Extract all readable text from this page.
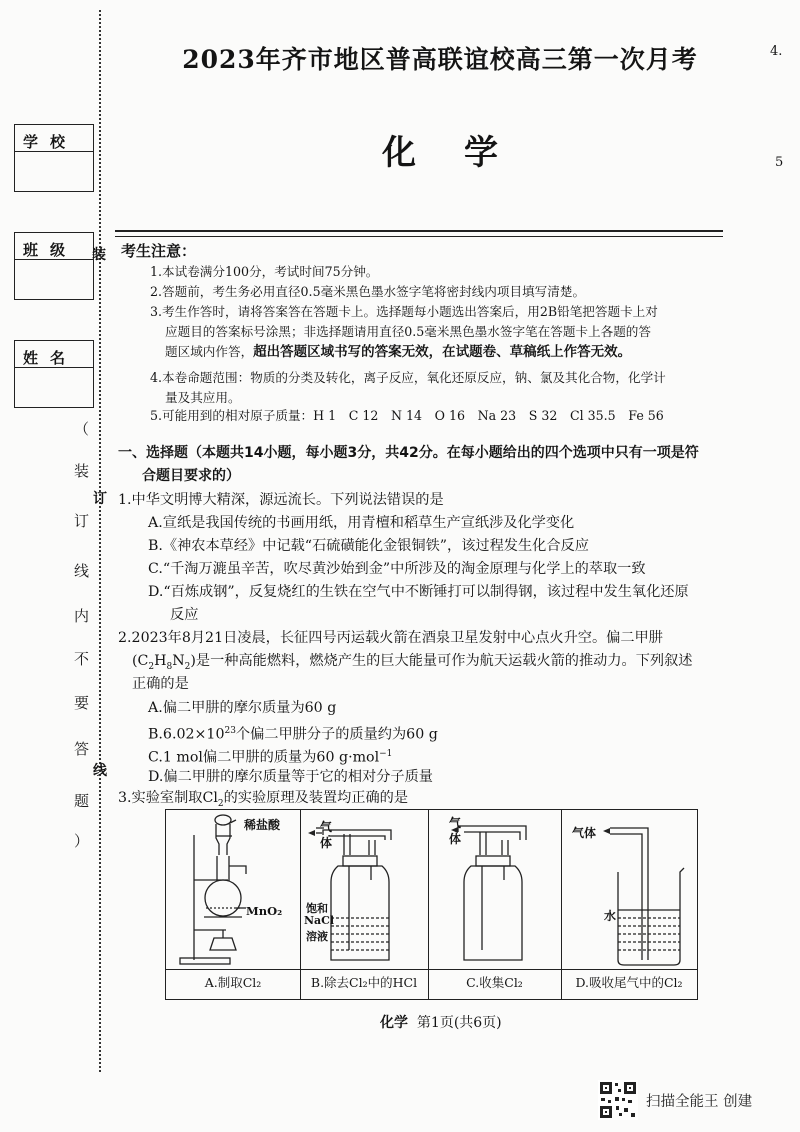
学校
班级
姓名
（
装
订
线
内
不
要
答
题
）
装
订
线
4.
5
2023年齐市地区普高联谊校高三第一次月考
化学
考生注意：
1.本试卷满分100分，考试时间75分钟。
2.答题前，考生务必用直径0.5毫米黑色墨水签字笔将密封线内项目填写清楚。
3.考生作答时，请将答案答在答题卡上。选择题每小题选出答案后，用2B铅笔把答题卡上对
应题目的答案标号涂黑；非选择题请用直径0.5毫米黑色墨水签字笔在答题卡上各题的答
题区域内作答，超出答题区域书写的答案无效，在试题卷、草稿纸上作答无效。
4.本卷命题范围：物质的分类及转化，离子反应，氧化还原反应，钠、氯及其化合物，化学计
量及其应用。
5.可能用到的相对原子质量：H 1　C 12　N 14　O 16　Na 23　S 32　Cl 35.5　Fe 56
一、选择题（本题共14小题，每小题3分，共42分。在每小题给出的四个选项中只有一项是符
合题目要求的）
1.中华文明博大精深，源远流长。下列说法错误的是
A.宣纸是我国传统的书画用纸，用青檀和稻草生产宣纸涉及化学变化
B.《神农本草经》中记载“石硫磺能化金银铜铁”，该过程发生化合反应
C.“千淘万漉虽辛苦，吹尽黄沙始到金”中所涉及的淘金原理与化学上的萃取一致
D.“百炼成钢”，反复烧红的生铁在空气中不断锤打可以制得钢，该过程中发生氧化还原
反应
2.2023年8月21日凌晨，长征四号丙运载火箭在酒泉卫星发射中心点火升空。偏二甲肼
$(C_2H_8N_2)$是一种高能燃料，燃烧产生的巨大能量可作为航天运载火箭的推动力。下列叙述
正确的是
A.偏二甲肼的摩尔质量为60 g
$B.6.02\times 10^{23}$个偏二甲肼分子的质量约为60 g
C.1 mol偏二甲肼的质量为60 g·mol$^{-1}$
D.偏二甲肼的摩尔质量等于它的相对分子质量
3.实验室制取$Cl_2$的实验原理及装置均正确的是
稀盐酸
MnO₂
气
体
饱和
NaCl
溶液
气
体	气体
水
A.制取Cl₂	B.除去Cl₂中的HCl	C.收集Cl₂	D.吸收尾气中的Cl₂
化学 第1页(共6页)
扫描全能王 创建
